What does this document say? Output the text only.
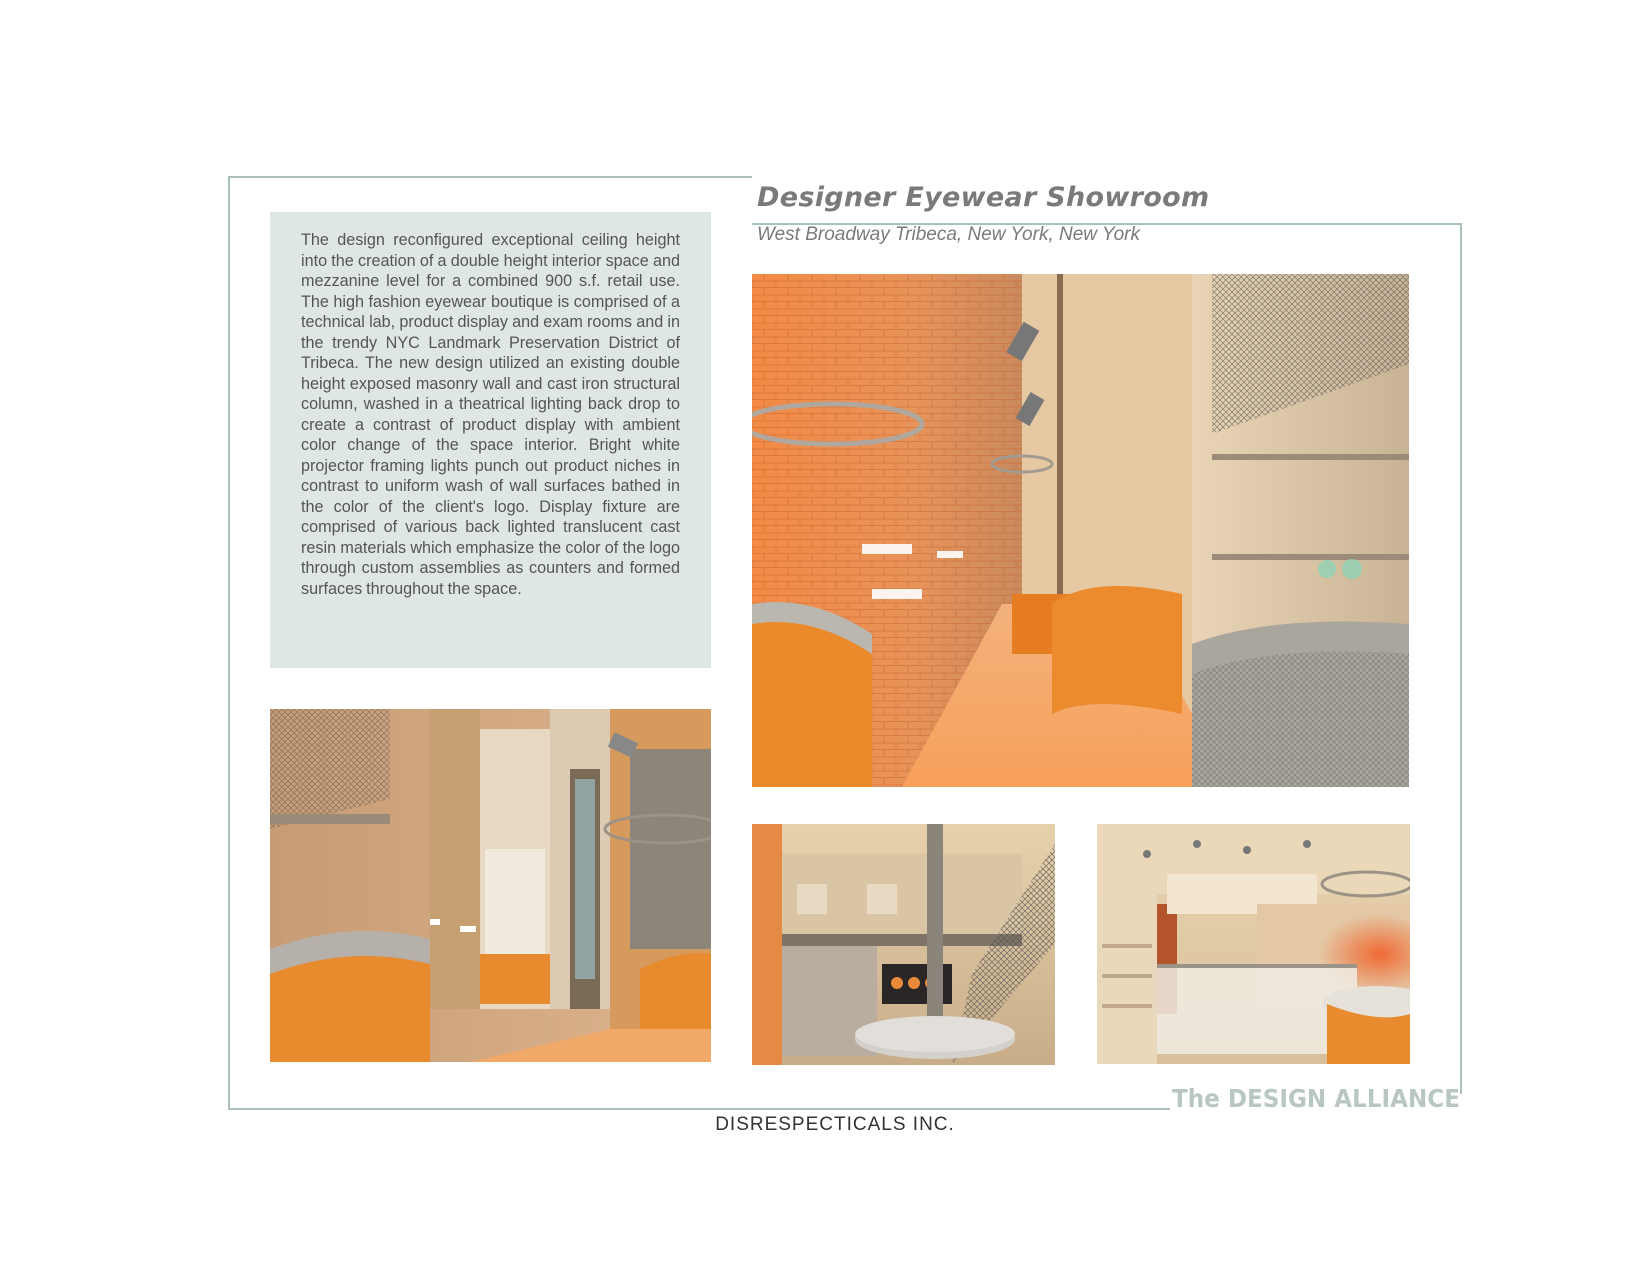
Designer Eyewear Showroom

West Broadway Tribeca, New York, New York

The design reconfigured exceptional ceiling height into the creation of a double height interior space and mezzanine level for a combined 900 s.f. retail use. The high fashion eyewear boutique is comprised of a technical lab, product display and exam rooms and in the trendy NYC Landmark Preservation District of Tribeca. The new design utilized an existing double height exposed masonry wall and cast iron structural column, washed in a theatrical lighting back drop to create a contrast of product display with ambient color change of the space interior. Bright white projector framing lights punch out product niches in contrast to uniform wash of wall surfaces bathed in the color of the client's logo. Display fixture are comprised of various back lighted translucent cast resin materials which emphasize the color of the logo through custom assemblies as counters and formed surfaces throughout the space.

The DESIGN ALLIANCE

DISRESPECTICALS INC.
